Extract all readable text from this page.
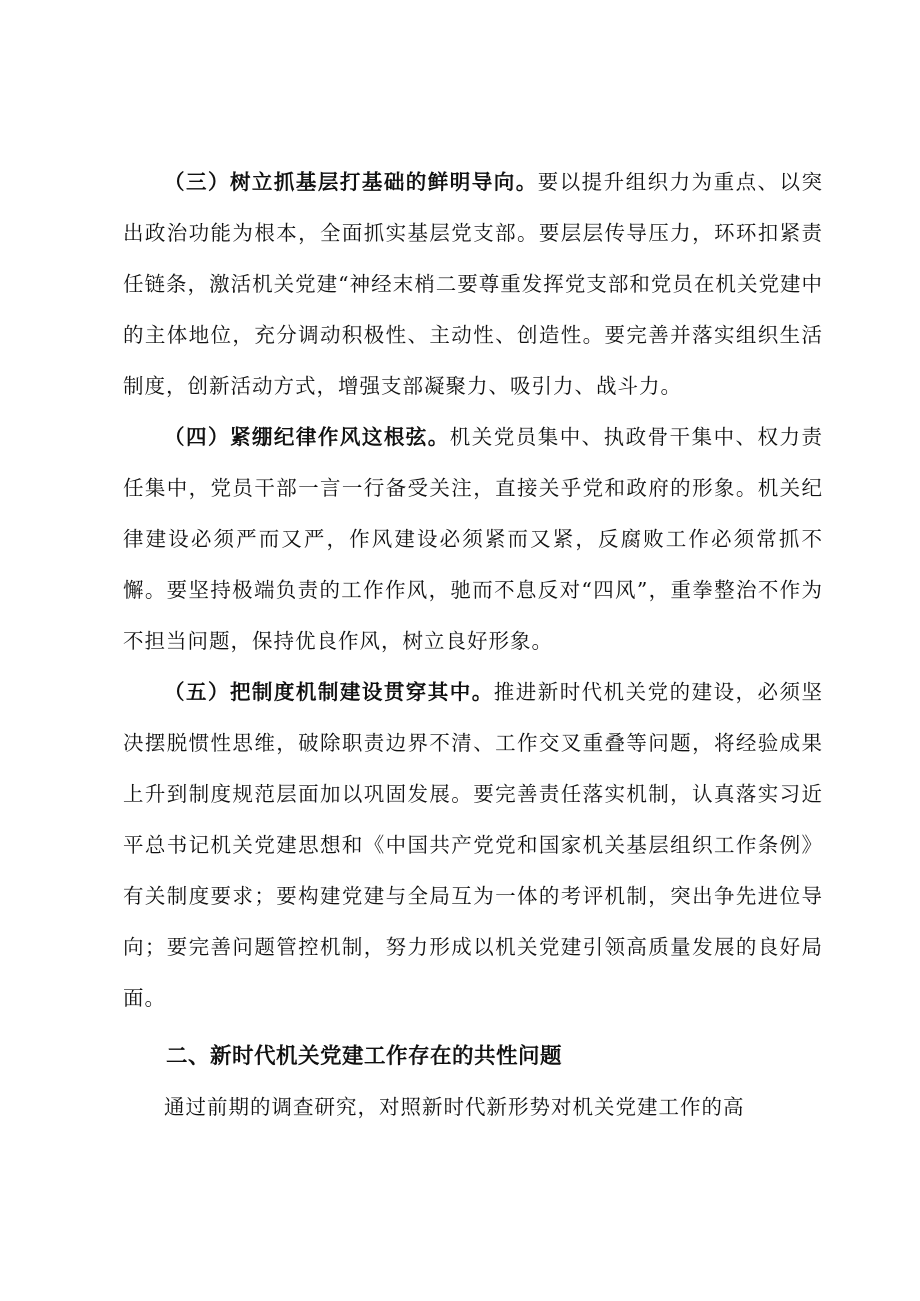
（三）树立抓基层打基础的鲜明导向。要以提升组织力为重点、以突出政治功能为根本，全面抓实基层党支部。要层层传导压力，环环扣紧责任链条，激活机关党建“神经末梢二要尊重发挥党支部和党员在机关党建中的主体地位，充分调动积极性、主动性、创造性。要完善并落实组织生活制度，创新活动方式，增强支部凝聚力、吸引力、战斗力。

（四）紧绷纪律作风这根弦。机关党员集中、执政骨干集中、权力责任集中，党员干部一言一行备受关注，直接关乎党和政府的形象。机关纪律建设必须严而又严，作风建设必须紧而又紧，反腐败工作必须常抓不懈。要坚持极端负责的工作作风，驰而不息反对“四风”，重拳整治不作为不担当问题，保持优良作风，树立良好形象。

（五）把制度机制建设贯穿其中。推进新时代机关党的建设，必须坚决摆脱惯性思维，破除职责边界不清、工作交叉重叠等问题，将经验成果上升到制度规范层面加以巩固发展。要完善责任落实机制，认真落实习近平总书记机关党建思想和《中国共产党党和国家机关基层组织工作条例》有关制度要求；要构建党建与全局互为一体的考评机制，突出争先进位导向；要完善问题管控机制，努力形成以机关党建引领高质量发展的良好局面。

二、新时代机关党建工作存在的共性问题

通过前期的调查研究，对照新时代新形势对机关党建工作的高
